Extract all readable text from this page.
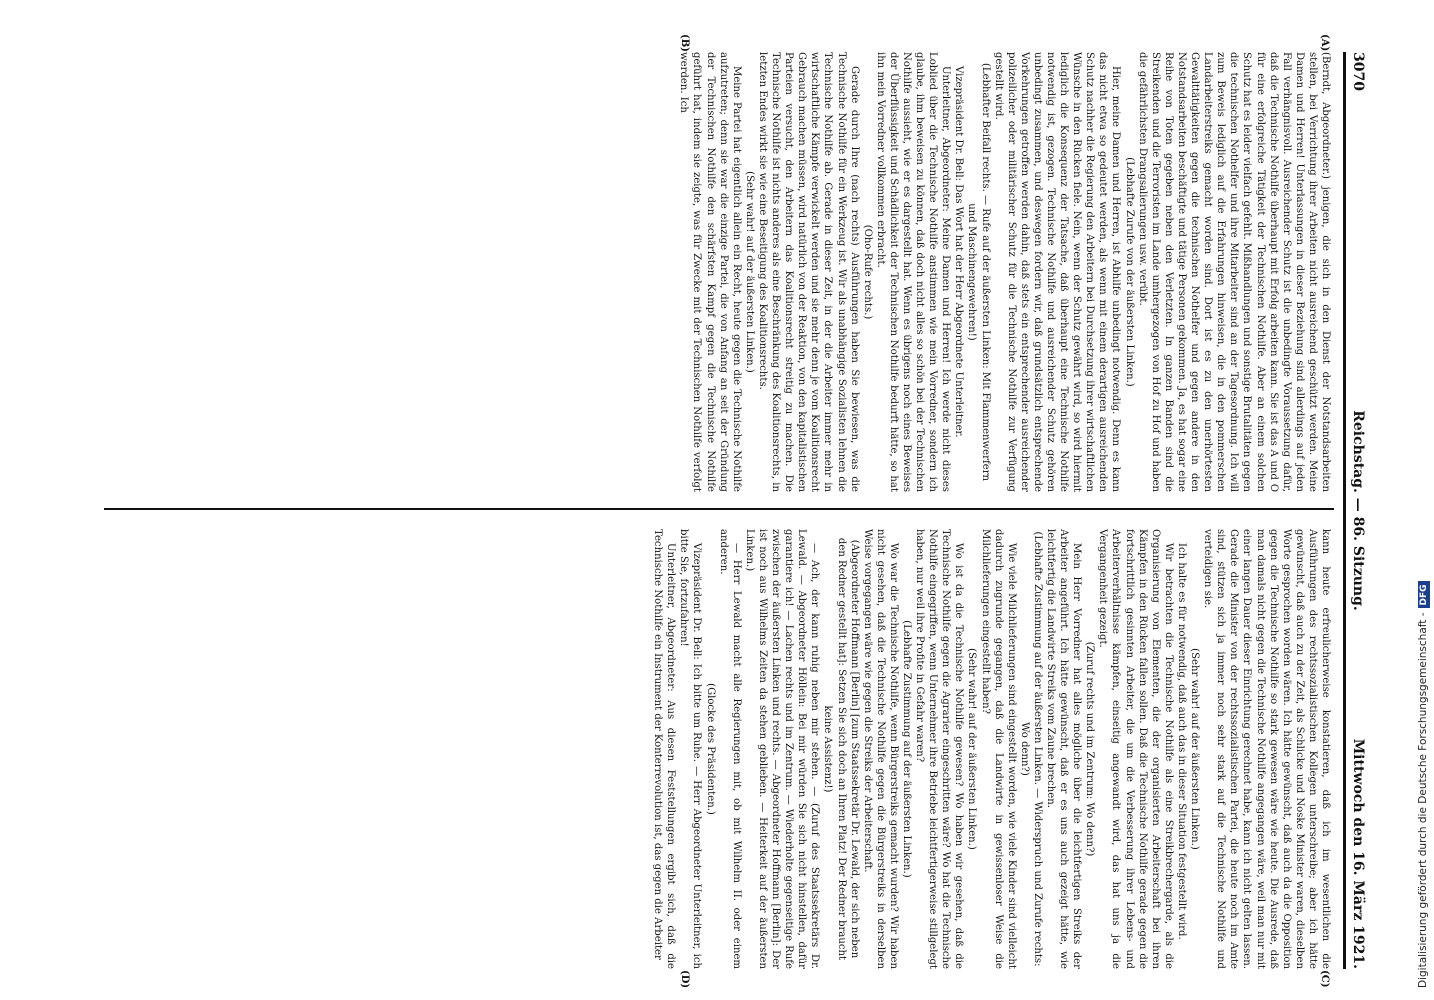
3070
Reichstag. — 86. Sitzung.
Mittwoch den 16. März 1921.
(A)
(B)
(C)
(D)

(Berndt, Abgeordneter.) jenigen, die sich in den Dienst der Notstandsarbeiten stellen, bei Verrichtung ihrer Arbeiten nicht ausreichend geschützt werden. Meine Damen und Herren! Unterlassungen in dieser Beziehung sind allerdings auf jeden Fall verhängnisvoll. Ausreichender Schutz ist die unbedingte Voraussetzung dafür, daß die Technische Nothilfe überhaupt mit Erfolg arbeiten kann. Sie ist das A und O für eine erfolgreiche Tätigkeit der Technischen Nothilfe. Aber an einem solchen Schutz hat es leider vielfach gefehlt. Mißhandlungen und sonstige Brutalitäten gegen die technischen Nothelfer und ihre Mitarbeiter sind an der Tagesordnung. Ich will zum Beweis lediglich auf die Erfahrungen hinweisen, die in den pommerschen Landarbeiterstreiks gemacht worden sind. Dort ist es zu den unerhörtesten Gewalttätigkeiten gegen die technischen Nothelfer und gegen andere in den Notstandsarbeiten beschäftigte und tätige Personen gekommen. Ja, es hat sogar eine Reihe von Toten gegeben neben den Verletzten. In ganzen Banden sind die Streikenden und die Terroristen im Lande umhergezogen von Hof zu Hof und haben die gefährlichsten Drangsalierungen usw. verübt.

(Lebhafte Zurufe von der äußersten Linken.)

Hier, meine Damen und Herren, ist Abhilfe unbedingt notwendig. Denn es kann das nicht etwa so gedeutet werden, als wenn mit einem derartigen ausreichenden Schutz nachher die Regierung den Arbeitern bei Durchsetzung ihrer wirtschaftlichen Wünsche in den Rücken fiele. Nein, wenn der Schutz gewährt wird, so wird hiermit lediglich die Konsequenz der Tatsache, daß überhaupt eine Technische Nothilfe notwendig ist, gezogen. Technische Nothilfe und ausreichender Schutz gehören unbedingt zusammen, und deswegen fordern wir, daß grundsätzlich entsprechende Vorkehrungen getroffen werden dahin, daß stets ein entsprechender ausreichender polizeilicher oder militärischer Schutz für die Technische Nothilfe zur Verfügung gestellt wird.

(Lebhafter Beifall rechts. — Rufe auf der äußersten Linken: Mit Flammenwerfern und Maschinengewehren!)

Vizepräsident Dr. Bell: Das Wort hat der Herr Abgeordnete Unterleitner.

Unterleitner, Abgeordneter: Meine Damen und Herren! Ich werde nicht dieses Loblied über die Technische Nothilfe anstimmen wie mein Vorredner, sondern ich glaube, ihm beweisen zu können, daß doch nicht alles so schön bei der Technischen Nothilfe aussieht, wie er es dargestellt hat. Wenn es übrigens noch eines Beweises der Überflüssigkeit und Schädlichkeit der Technischen Nothilfe bedurft hätte, so hat ihn mein Vorredner vollkommen erbracht.

(Oho-Rufe rechts.)

Gerade durch Ihre (nach rechts) Ausführungen haben Sie bewiesen, was die Technische Nothilfe für ein Werkzeug ist. Wir als unabhängige Sozialisten lehnen die Technische Nothilfe ab. Gerade in dieser Zeit, in der die Arbeiter immer mehr in wirtschaftliche Kämpfe verwickelt werden und sie mehr denn je vom Koalitionsrecht Gebrauch machen müssen, wird natürlich von der Reaktion, von den kapitalistischen Parteien versucht, den Arbeitern das Koalitionsrecht streitig zu machen. Die Technische Nothilfe ist nichts anderes als eine Beschränkung des Koalitionsrechts, in letzten Endes wirkt sie wie eine Beseitigung des Koalitionsrechts.

(Sehr wahr! auf der äußersten Linken.)

Meine Partei hat eigentlich allein ein Recht, heute gegen die Technische Nothilfe aufzutreten; denn sie war die einzige Partei, die von Anfang an seit der Gründung der Technischen Nothilfe den schärfsten Kampf gegen die Technische Nothilfe geführt hat, indem sie zeigte, was für Zwecke mit der Technischen Nothilfe verfolgt werden. Ich

kann heute erfreulicherweise konstatieren, daß ich im wesentlichen die Ausführungen des rechtssozialistischen Kollegen unterschreibe; aber ich hätte gewünscht, daß auch zu der Zeit, als Schlicke und Noske Minister waren, dieselben Worte gesprochen worden wären. Ich hätte gewünscht, daß auch da die Opposition gegen die Technische Nothilfe so stark gewesen wäre wie heute. Die Ausrede, daß man damals nicht gegen die Technische Nothilfe angegangen wäre, weil man nur mit einer langen Dauer dieser Einrichtung gerechnet habe, kann ich nicht gelten lassen. Gerade die Minister von der rechtssozialistischen Partei, die heute noch im Amte sind, stützen sich ja immer noch sehr stark auf die Technische Nothilfe und verteidigen sie.

(Sehr wahr! auf der äußersten Linken.)

Ich halte es für notwendig, daß auch das in dieser Situation festgestellt wird.

Wir betrachten die Technische Nothilfe als eine Streikbrechergarde, als die Organisierung von Elementen, die der organisierten Arbeiterschaft bei ihren Kämpfen in den Rücken fallen sollen. Daß die Technische Nothilfe gerade gegen die fortschrittlich gesinnten Arbeiter, die um die Verbesserung ihrer Lebens- und Arbeiterverhältnisse kämpfen, einseitig angewandt wird, das hat uns ja die Vergangenheit gezeigt.

(Zuruf rechts und im Zentrum: Wo denn?)

Mein Herr Vorredner hat alles mögliche über die leichtfertigen Streiks der Arbeiter angeführt. Ich hätte gewünscht, daß er es uns auch gezeigt hätte, wie leichtfertig die Landwirte Streiks vom Zaune brechen.

(Lebhafte Zustimmung auf der äußersten Linken. — Widerspruch und Zurufe rechts: Wo denn?)

Wie viele Milchlieferungen sind eingestellt worden, wie viele Kinder sind vielleicht dadurch zugrunde gegangen, daß die Landwirte in gewissenloser Weise die Milchlieferungen eingestellt haben?

(Sehr wahr! auf der äußersten Linken.)

Wo ist da die Technische Nothilfe gewesen? Wo haben wir gesehen, daß die Technische Nothilfe gegen die Agrarier eingeschritten wäre? Wo hat die Technische Nothilfe eingegriffen, wenn Unternehmer ihre Betriebe leichtfertigerweise stillgelegt haben, nur weil ihre Profite in Gefahr waren?

(Lebhafte Zustimmung auf der äußersten Linken.)

Wo war die Technische Nothilfe, wenn Bürgerstreiks gemacht wurden? Wir haben nicht gesehen, daß die Technische Nothilfe gegen die Bürgerstreiks in derselben Weise vorgegangen wäre wie gegen die Streiks der Arbeiterschaft.

(Abgeordneter Hoffmann [Berlin] [zum Staatssekretär Dr. Lewald, der sich neben den Redner gestellt hat]: Setzen Sie sich doch an Ihren Platz! Der Redner braucht keine Assistenz!)

— Ach, der kann ruhig neben mir stehen. — (Zuruf des Staatssekretärs Dr. Lewald. — Abgeordneter Höllein: Bei mir würden Sie sich nicht hinstellen, dafür garantiere ich! — Lachen rechts und im Zentrum. — Wiederholte gegenseitige Rufe zwischen der äußersten Linken und rechts. — Abgeordneter Hoffmann [Berlin]: Der ist noch aus Wilhelms Zeiten da stehen geblieben. — Heiterkeit auf der äußersten Linken.)

— Herr Lewald macht alle Regierungen mit, ob mit Wilhelm II. oder einem anderen.

(Glocke des Präsidenten.)

Vizepräsident Dr. Bell: Ich bitte um Ruhe. — Herr Abgeordneter Unterleitner, ich bitte Sie, fortzufahren!

Unterleitner, Abgeordneter: Aus diesen Feststellungen ergibt sich, daß die Technische Nothilfe ein Instrument der Konterrevolution ist, das gegen die Arbeiter	Digitalisierung gefördert durch die Deutsche Forschungsgemeinschaft -DFG
